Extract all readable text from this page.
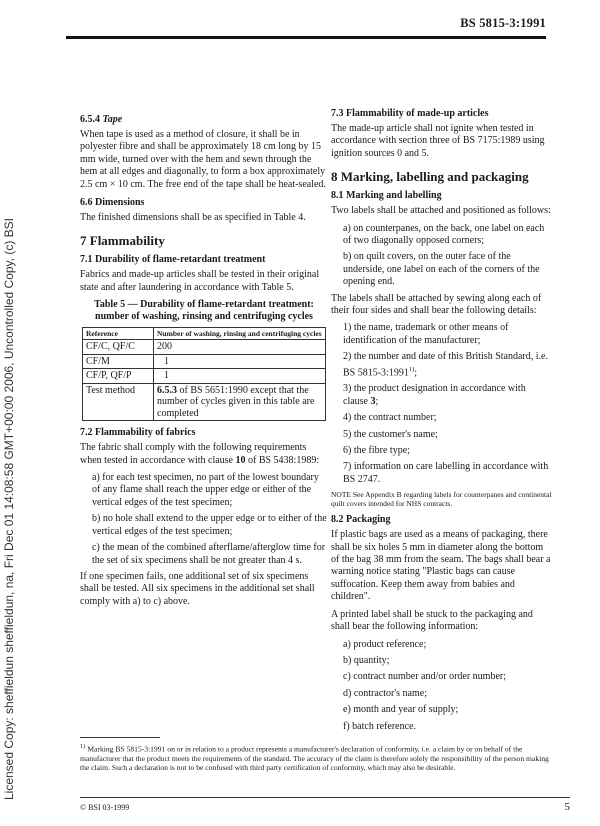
BS 5815-3:1991
Licensed Copy: sheffieldun sheffieldun, na, Fri Dec 01 14:08:58 GMT+00:00 2006, Uncontrolled Copy, (c) BSI
6.5.4 Tape

When tape is used as a method of closure, it shall be in polyester fibre and shall be approximately 18 cm long by 15 mm wide, turned over with the hem and sewn through the hem at all edges and diagonally, to form a box approximately 2.5 cm × 10 cm. The free end of the tape shall be heat-sealed.

6.6 Dimensions

The finished dimensions shall be as specified in Table 4.

7 Flammability
7.1 Durability of flame-retardant treatment

Fabrics and made-up articles shall be tested in their original state and after laundering in accordance with Table 5.

Table 5 — Durability of flame-retardant treatment: number of washing, rinsing and centrifuging cycles
Reference	Number of washing, rinsing and centrifuging cycles
CF/C, QF/C	200
CF/M	1
CF/P, QF/P	1
Test method	6.5.3 of BS 5651:1990 except that the number of cycles given in this table are completed
7.2 Flammability of fabrics

The fabric shall comply with the following requirements when tested in accordance with clause 10 of BS 5438:1989:

a) for each test specimen, no part of the lowest boundary of any flame shall reach the upper edge or either of the vertical edges of the test specimen;

b) no hole shall extend to the upper edge or to either of the vertical edges of the test specimen;

c) the mean of the combined afterflame/afterglow time for the set of six specimens shall be not greater than 4 s.

If one specimen fails, one additional set of six specimens shall be tested. All six specimens in the additional set shall comply with a) to c) above.

7.3 Flammability of made-up articles

The made-up article shall not ignite when tested in accordance with section three of BS 7175:1989 using ignition sources 0 and 5.

8 Marking, labelling and packaging
8.1 Marking and labelling

Two labels shall be attached and positioned as follows:

a) on counterpanes, on the back, one label on each of two diagonally opposed corners;

b) on quilt covers, on the outer face of the underside, one label on each of the corners of the opening end.

The labels shall be attached by sewing along each of their four sides and shall bear the following details:

1) the name, trademark or other means of identification of the manufacturer;

2) the number and date of this British Standard, i.e. BS 5815-3:1991$^{1)}$;

3) the product designation in accordance with clause 3;

4) the contract number;

5) the customer's name;

6) the fibre type;

7) information on care labelling in accordance with BS 2747.

NOTE See Appendix B regarding labels for counterpanes and continental quilt covers intended for NHS contracts.

8.2 Packaging

If plastic bags are used as a means of packaging, there shall be six holes 5 mm in diameter along the bottom of the bag 38 mm from the seam. The bags shall bear a warning notice stating "Plastic bags can cause suffocation. Keep them away from babies and children".

A printed label shall be stuck to the packaging and shall bear the following information:

a) product reference;

b) quantity;

c) contract number and/or order number;

d) contractor's name;

e) month and year of supply;

f) batch reference.

$^{1)}$ Marking BS 5815-3:1991 on or in relation to a product represents a manufacturer's declaration of conformity, i.e. a claim by or on behalf of the manufacturer that the product meets the requirements of the standard. The accuracy of the claim is therefore solely the responsibility of the person making the claim. Such a declaration is not to be confused with third party certification of conformity, which may also be desirable.
© BSI 03-1999	5
